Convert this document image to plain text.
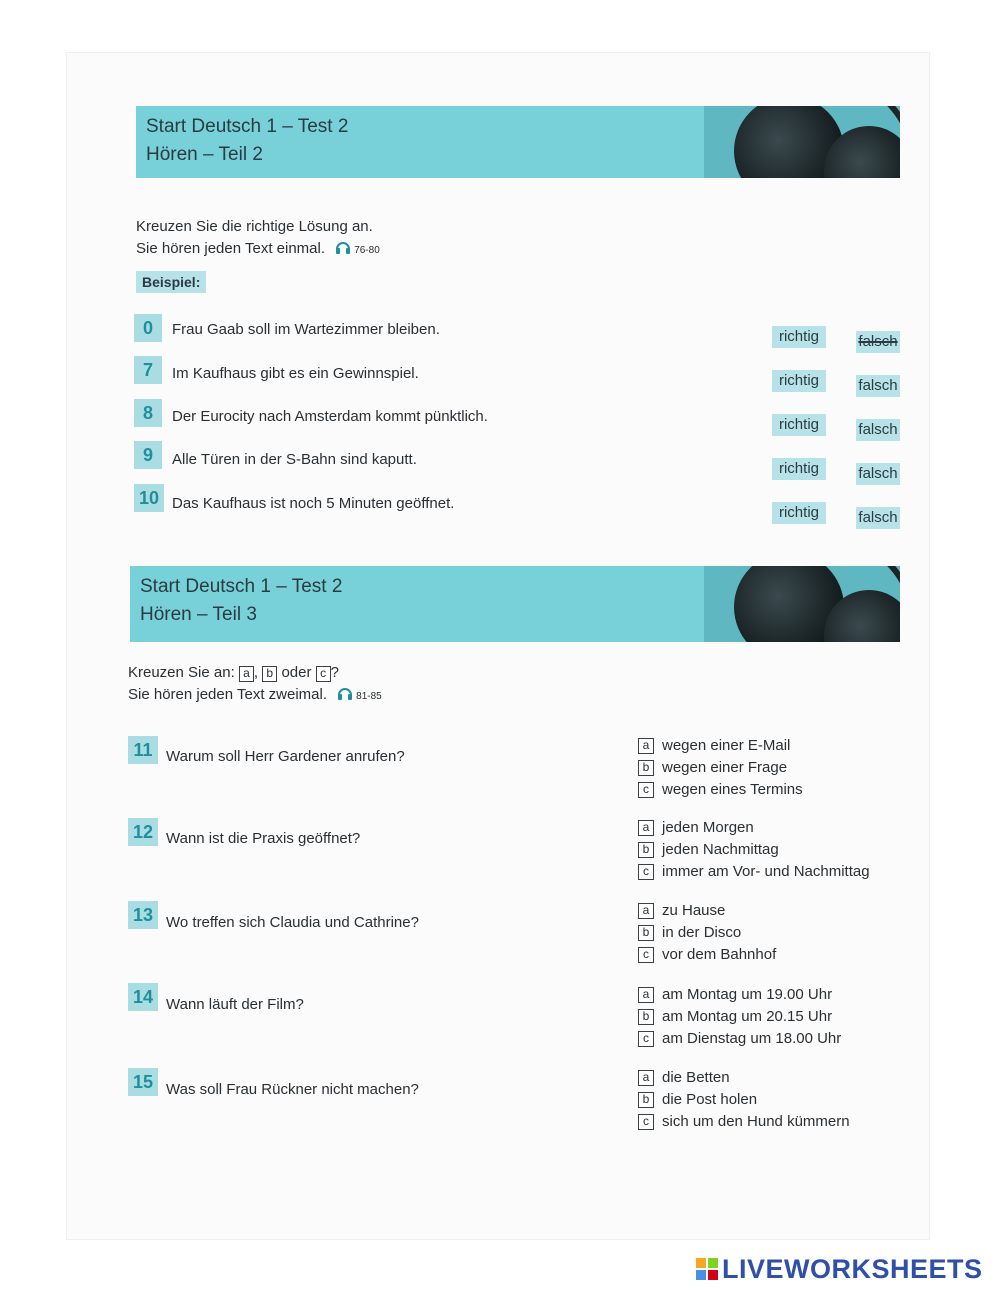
Start Deutsch 1 – Test 2
Hören – Teil 2
Kreuzen Sie die richtige Lösung an.
Sie hören jeden Text einmal.	76-80
Beispiel:
0	Frau Gaab soll im Wartezimmer bleiben.	richtig	falsch
7	Im Kaufhaus gibt es ein Gewinnspiel.	richtig	falsch
8	Der Eurocity nach Amsterdam kommt pünktlich.	richtig	falsch
9	Alle Türen in der S-Bahn sind kaputt.
richtig	falsch
10 Das Kaufhaus ist noch 5 Minuten geöffnet.
richtig	falsch
Start Deutsch 1 – Test 2
Hören – Teil 3
Kreuzen Sie an: a , b oder c ?
Sie hören jeden Text zweimal.	81-85
11 Warum soll Herr Gardener anrufen?
a wegen einer E-Mail
b wegen einer Frage
c wegen eines Termins
12 Wann ist die Praxis geöffnet?
a jeden Morgen
b jeden Nachmittag
c immer am Vor- und Nachmittag
13 Wo treffen sich Claudia und Cathrine?
a zu Hause
b in der Disco
c vor dem Bahnhof
14 Wann läuft der Film?
a am Montag um 19.00 Uhr
b am Montag um 20.15 Uhr
c am Dienstag um 18.00 Uhr
15 Was soll Frau Rückner nicht machen?
a die Betten
b die Post holen
c sich um den Hund kümmern
LIVEWORKSHEETS
